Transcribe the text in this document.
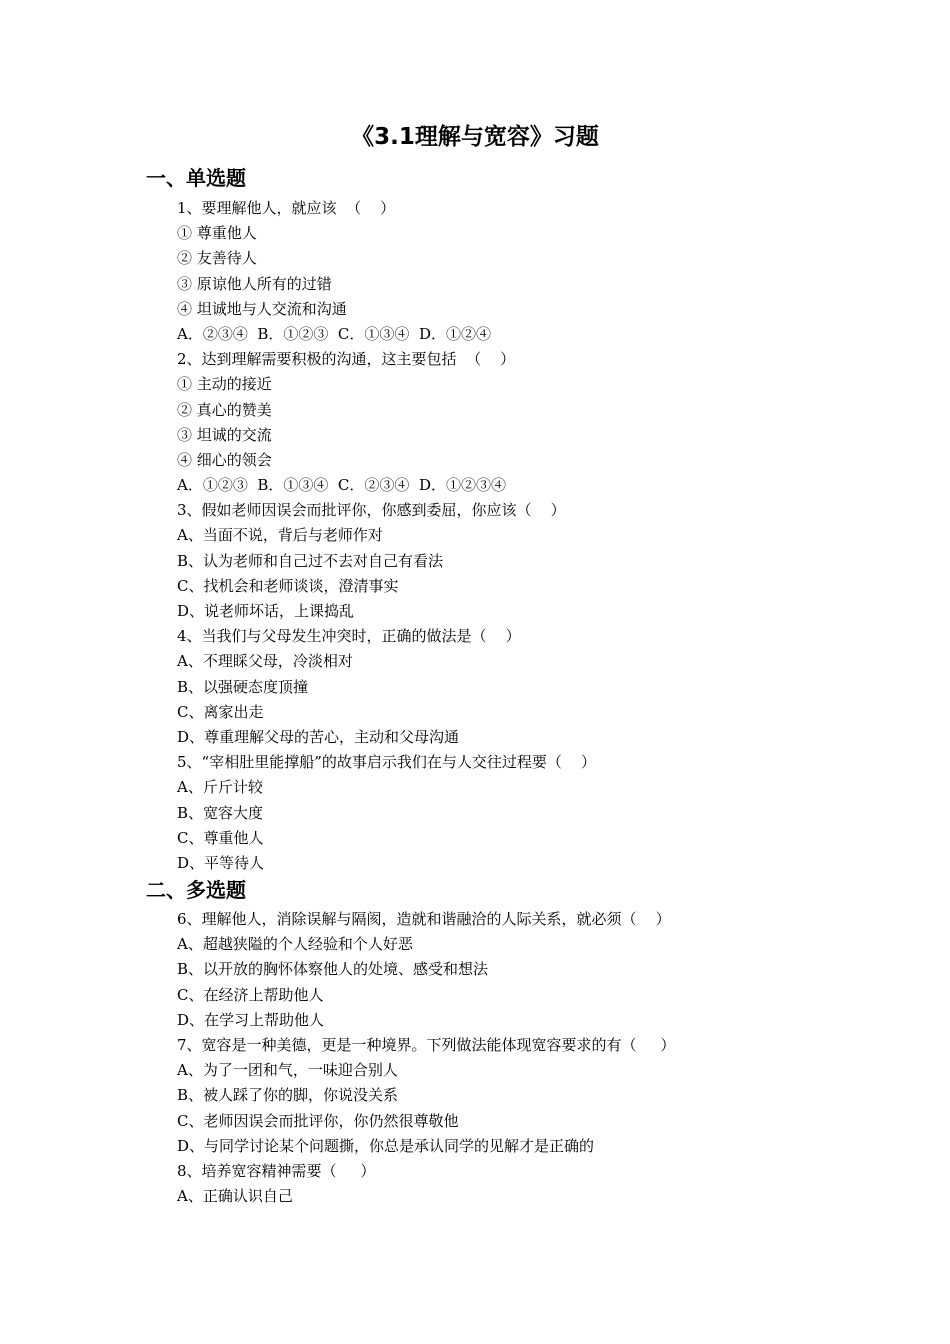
《3.1理解与宽容》习题
一、单选题
1、要理解他人，就应该  （    ）
① 尊重他人
② 友善待人
③ 原谅他人所有的过错
④ 坦诚地与人交流和沟通
A．②③④  B．①②③  C．①③④  D．①②④
2、达到理解需要积极的沟通，这主要包括  （    ）
① 主动的接近
② 真心的赞美
③ 坦诚的交流
④ 细心的领会
A．①②③  B．①③④  C．②③④  D．①②③④
3、假如老师因误会而批评你，你感到委屈，你应该（    ）
A、当面不说，背后与老师作对
B、认为老师和自己过不去对自己有看法
C、找机会和老师谈谈，澄清事实
D、说老师坏话，上课捣乱
4、当我们与父母发生冲突时，正确的做法是（    ）
A、不理睬父母，冷淡相对
B、以强硬态度顶撞
C、离家出走
D、尊重理解父母的苦心，主动和父母沟通
5、“宰相肚里能撑船”的故事启示我们在与人交往过程要（    ）
A、斤斤计较
B、宽容大度
C、尊重他人
D、平等待人
二、多选题
6、理解他人，消除误解与隔阂，造就和谐融洽的人际关系，就必须（    ）
A、超越狭隘的个人经验和个人好恶
B、以开放的胸怀体察他人的处境、感受和想法
C、在经济上帮助他人
D、在学习上帮助他人
7、宽容是一种美德，更是一种境界。下列做法能体现宽容要求的有（     ）
A、为了一团和气，一味迎合别人
B、被人踩了你的脚，你说没关系
C、老师因误会而批评你，你仍然很尊敬他
D、与同学讨论某个问题撕，你总是承认同学的见解才是正确的
8、培养宽容精神需要（     ）
A、正确认识自己
